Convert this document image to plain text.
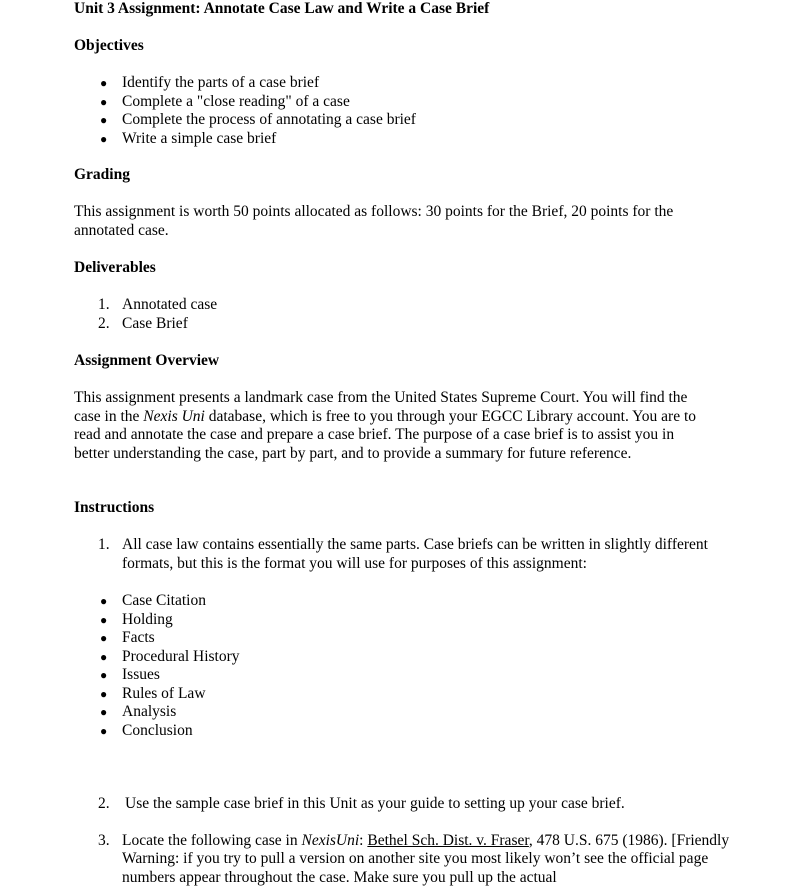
Unit 3 Assignment: Annotate Case Law and Write a Case Brief
Objectives
● Identify the parts of a case brief
● Complete a "close reading" of a case
● Complete the process of annotating a case brief
● Write a simple case brief
Grading

This assignment is worth 50 points allocated as follows: 30 points for the Brief, 20 points for the annotated case.

Deliverables
1. Annotated case
2. Case Brief
Assignment Overview

This assignment presents a landmark case from the United States Supreme Court. You will find the case in the Nexis Uni database, which is free to you through your EGCC Library account. You are to read and annotate the case and prepare a case brief. The purpose of a case brief is to assist you in better understanding the case, part by part, and to provide a summary for future reference.

Instructions
1. All case law contains essentially the same parts. Case briefs can be written in slightly different formats, but this is the format you will use for purposes of this assignment:
● Case Citation
● Holding
● Facts
● Procedural History
● Issues
● Rules of Law
● Analysis
● Conclusion
2. Use the sample case brief in this Unit as your guide to setting up your case brief.
3. Locate the following case in NexisUni: Bethel Sch. Dist. v. Fraser, 478 U.S. 675 (1986). [Friendly Warning: if you try to pull a version on another site you most likely won’t see the official page numbers appear throughout the case. Make sure you pull up the actual
